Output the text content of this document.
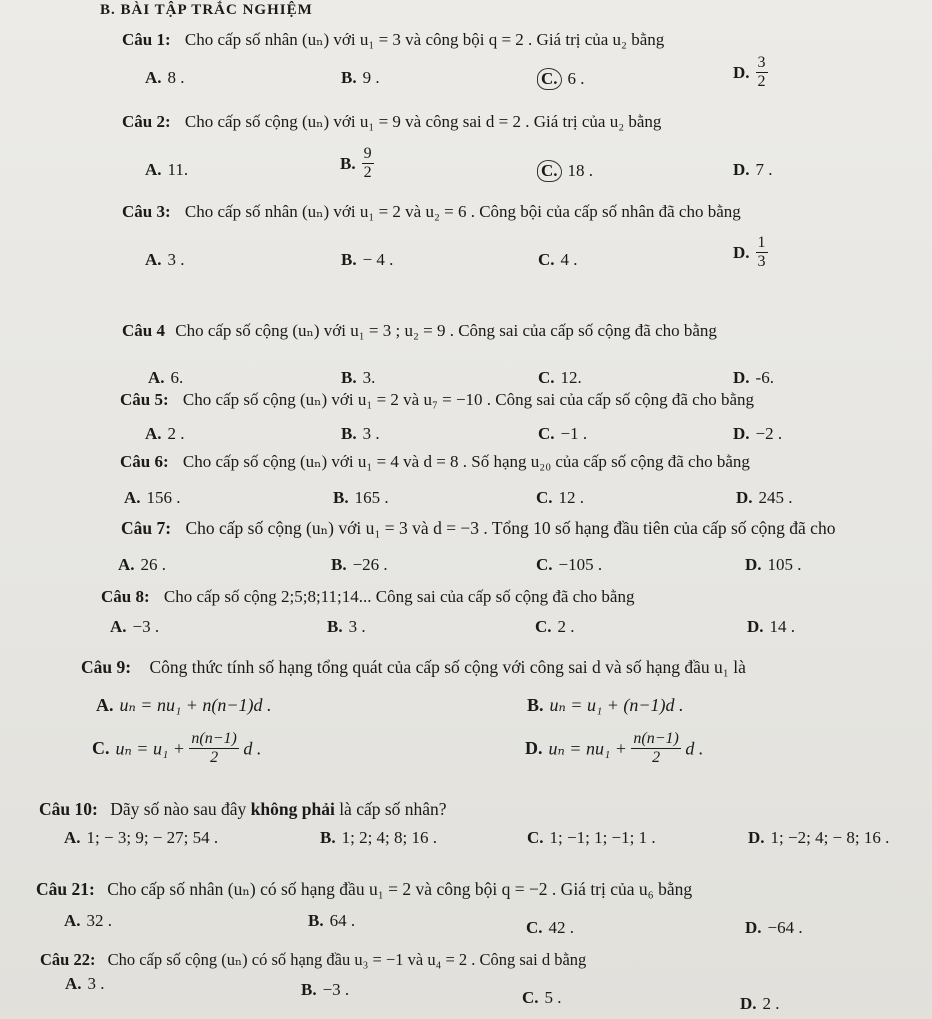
B. BÀI TẬP TRẮC NGHIỆM
Câu 1: Cho cấp số nhân (uₙ) với u₁ = 3 và công bội q = 2 . Giá trị của u₂ bằng
A. 8 .	B. 9 .	C. 6 .	D. $\frac{3}{2}$
Câu 2: Cho cấp số cộng (uₙ) với u₁ = 9 và công sai d = 2 . Giá trị của u₂ bằng
A. 11.	B. $\frac{9}{2}$	C. 18 .	D. 7 .
Câu 3: Cho cấp số nhân (uₙ) với u₁ = 2 và u₂ = 6 . Công bội của cấp số nhân đã cho bằng
A. 3 .	B. − 4 .	C. 4 .	D. $\frac{1}{3}$
Câu 4 Cho cấp số cộng (uₙ) với u₁ = 3 ; u₂ = 9 . Công sai của cấp số cộng đã cho bằng
A. 6.	B. 3.	C. 12.	D. -6.
Câu 5: Cho cấp số cộng (uₙ) với u₁ = 2 và u₇ = −10 . Công sai của cấp số cộng đã cho bằng
A. 2 .	B. 3 .	C. −1 .	D. −2 .
Câu 6: Cho cấp số cộng (uₙ) với u₁ = 4 và d = 8 . Số hạng u₂₀ của cấp số cộng đã cho bằng
A. 156 .	B. 165 .	C. 12 .	D. 245 .
Câu 7: Cho cấp số cộng (uₙ) với u₁ = 3 và d = −3 . Tổng 10 số hạng đầu tiên của cấp số cộng đã cho
A. 26 .	B. −26 .	C. −105 .	D. 105 .
Câu 8: Cho cấp số cộng 2;5;8;11;14... Công sai của cấp số cộng đã cho bằng
A. −3 .	B. 3 .	C. 2 .	D. 14 .
Câu 9: Công thức tính số hạng tổng quát của cấp số cộng với công sai d và số hạng đầu u₁ là
A. uₙ = nu₁ + n(n−1)d .	B. uₙ = u₁ + (n−1)d .
C. $u_n = u_1 + \frac{n(n-1)}{2}$ d .	D. $u_n = nu_1 + \frac{n(n-1)}{2}$ d .
Câu 10: Dãy số nào sau đây không phải là cấp số nhân?
A. 1; − 3; 9; − 27; 54 .	B. 1; 2; 4; 8; 16 .	C. 1; −1; 1; −1; 1 .	D. 1; −2; 4; − 8; 16 .
Câu 21: Cho cấp số nhân (uₙ) có số hạng đầu u₁ = 2 và công bội q = −2 . Giá trị của u₆ bằng
A. 32 .	B. 64 .	C. 42 .	D. −64 .
Câu 22: Cho cấp số cộng (uₙ) có số hạng đầu u₃ = −1 và u₄ = 2 . Công sai d bằng
A. 3 .	B. −3 .	C. 5 .	D. 2 .
